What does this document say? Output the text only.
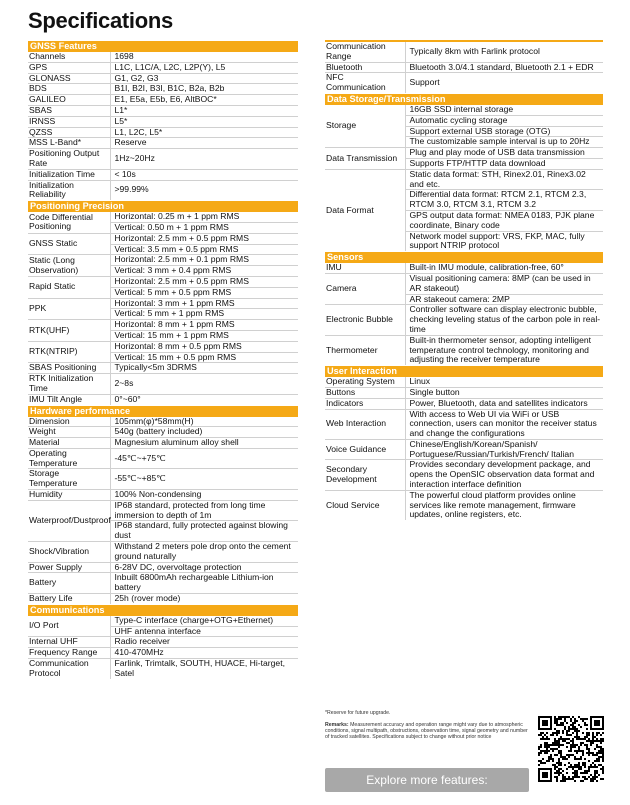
Specifications
GNSS Features
Channels	1698
GPS	L1C, L1C/A, L2C, L2P(Y), L5
GLONASS	G1, G2, G3
BDS	B1I, B2I, B3I, B1C, B2a, B2b
GALILEO	E1, E5a, E5b, E6, AltBOC*
SBAS	L1*
IRNSS	L5*
QZSS	L1, L2C, L5*
MSS L-Band*	Reserve
Positioning Output Rate	1Hz~20Hz
Initialization Time	< 10s
Initialization Reliability	>99.99%
Positioning Precision
Code Differential Positioning	Horizontal: 0.25 m + 1 ppm RMS
	Vertical: 0.50 m + 1 ppm RMS
GNSS Static	Horizontal: 2.5 mm + 0.5 ppm RMS
	Vertical: 3.5 mm + 0.5 ppm RMS
Static (Long Observation)	Horizontal: 2.5 mm + 0.1 ppm RMS
	Vertical: 3 mm + 0.4 ppm RMS
Rapid Static	Horizontal: 2.5 mm + 0.5 ppm RMS
	Vertical: 5 mm + 0.5 ppm RMS
PPK	Horizontal: 3 mm + 1 ppm RMS
	Vertical: 5 mm + 1 ppm RMS
RTK(UHF)	Horizontal: 8 mm + 1 ppm RMS
	Vertical: 15 mm + 1 ppm RMS
RTK(NTRIP)	Horizontal: 8 mm + 0.5 ppm RMS
	Vertical: 15 mm + 0.5 ppm RMS
SBAS Positioning	Typically<5m 3DRMS
RTK Initialization Time	2~8s
IMU Tilt Angle	0°~60°
Hardware performance
Dimension	105mm(φ)*58mm(H)
Weight	540g (battery included)
Material	Magnesium aluminum alloy shell
Operating Temperature	-45℃~+75℃
Storage Temperature	-55℃~+85℃
Humidity	100% Non-condensing
Waterproof/Dustproof	IP68 standard, protected from long time immersion to depth of 1m
	IP68 standard, fully protected against blowing dust
Shock/Vibration	Withstand 2 meters pole drop onto the cement ground naturally
Power Supply	6-28V DC, overvoltage protection
Battery	Inbuilt 6800mAh rechargeable Lithium-ion battery
Battery Life	25h (rover mode)
Communications
I/O Port	Type-C interface (charge+OTG+Ethernet)
	UHF antenna interface
Internal UHF	Radio receiver
Frequency Range	410-470MHz
Communication Protocol	Farlink, Trimtalk, SOUTH, HUACE, Hi-target, Satel
Communication Range	Typically 8km with Farlink protocol
Bluetooth	Bluetooth 3.0/4.1 standard, Bluetooth 2.1 + EDR
NFC Communication	Support
Data Storage/Transmission
Storage	16GB SSD internal storage
	Automatic cycling storage
	Support external USB storage (OTG)
	The customizable sample interval is up to 20Hz
Data Transmission	Plug and play mode of USB data transmission
	Supports FTP/HTTP data download
Data Format	Static data format: STH, Rinex2.01, Rinex3.02 and etc.
	Differential data format: RTCM 2.1, RTCM 2.3, RTCM 3.0, RTCM 3.1, RTCM 3.2
	GPS output data format: NMEA 0183, PJK plane coordinate, Binary code
	Network model support: VRS, FKP, MAC, fully support NTRIP protocol
Sensors
IMU	Built-in IMU module, calibration-free, 60°
Camera	Visual positioning camera: 8MP (can be used in AR stakeout)
	AR stakeout camera: 2MP
Electronic Bubble	Controller software can display electronic bubble, checking leveling status of the carbon pole in real-time
Thermometer	Built-in thermometer sensor, adopting intelligent temperature control technology, monitoring and adjusting the receiver temperature
User Interaction
Operating System	Linux
Buttons	Single button
Indicators	Power, Bluetooth, data and satellites indicators
Web Interaction	With access to Web UI via WiFi or USB connection, users can monitor the receiver status and change the configurations
Voice Guidance	Chinese/English/Korean/Spanish/ Portuguese/Russian/Turkish/French/ Italian
Secondary Development	Provides secondary development package, and opens the OpenSIC observation data format and interaction interface definition
Cloud Service	The powerful cloud platform provides online services like remote management, firmware updates, online registers, etc.
*Reserve for future upgrade.
Remarks: Measurement accuracy and operation range might vary due to atmospheric conditions, signal multipath, obstructions, observation time, signal geometry and number of tracked satellites. Specifications subject to change without prior notice
Explore more features:
